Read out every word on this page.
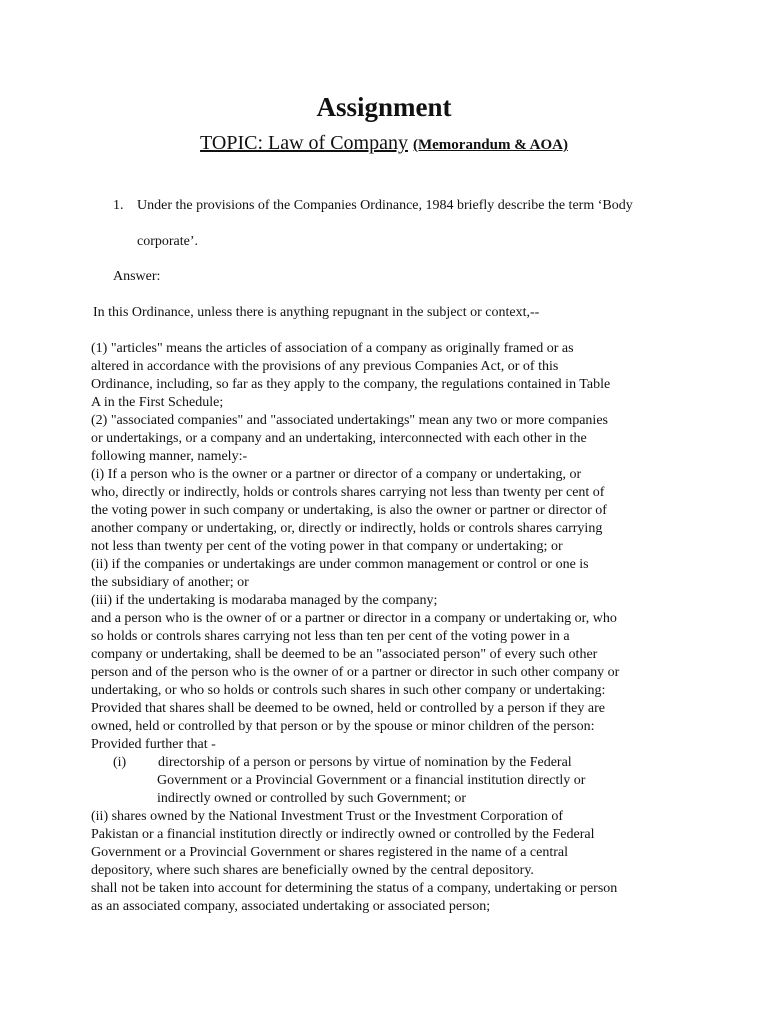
Assignment
TOPIC: Law of Company (Memorandum & AOA)
1. Under the provisions of the Companies Ordinance, 1984 briefly describe the term ‘Body
corporate’.
Answer:
In this Ordinance, unless there is anything repugnant in the subject or context,--
(1) "articles" means the articles of association of a company as originally framed or as
altered in accordance with the provisions of any previous Companies Act, or of this
Ordinance, including, so far as they apply to the company, the regulations contained in Table
A in the First Schedule;
(2) "associated companies" and "associated undertakings" mean any two or more companies
or undertakings, or a company and an undertaking, interconnected with each other in the
following manner, namely:-
(i) If a person who is the owner or a partner or director of a company or undertaking, or
who, directly or indirectly, holds or controls shares carrying not less than twenty per cent of
the voting power in such company or undertaking, is also the owner or partner or director of
another company or undertaking, or, directly or indirectly, holds or controls shares carrying
not less than twenty per cent of the voting power in that company or undertaking; or
(ii) if the companies or undertakings are under common management or control or one is
the subsidiary of another; or
(iii) if the undertaking is modaraba managed by the company;
and a person who is the owner of or a partner or director in a company or undertaking or, who
so holds or controls shares carrying not less than ten per cent of the voting power in a
company or undertaking, shall be deemed to be an "associated person" of every such other
person and of the person who is the owner of or a partner or director in such other company or
undertaking, or who so holds or controls such shares in such other company or undertaking:
Provided that shares shall be deemed to be owned, held or controlled by a person if they are
owned, held or controlled by that person or by the spouse or minor children of the person:
Provided further that -
(i) directorship of a person or persons by virtue of nomination by the Federal
Government or a Provincial Government or a financial institution directly or
indirectly owned or controlled by such Government; or
(ii) shares owned by the National Investment Trust or the Investment Corporation of
Pakistan or a financial institution directly or indirectly owned or controlled by the Federal
Government or a Provincial Government or shares registered in the name of a central
depository, where such shares are beneficially owned by the central depository.
shall not be taken into account for determining the status of a company, undertaking or person
as an associated company, associated undertaking or associated person;
